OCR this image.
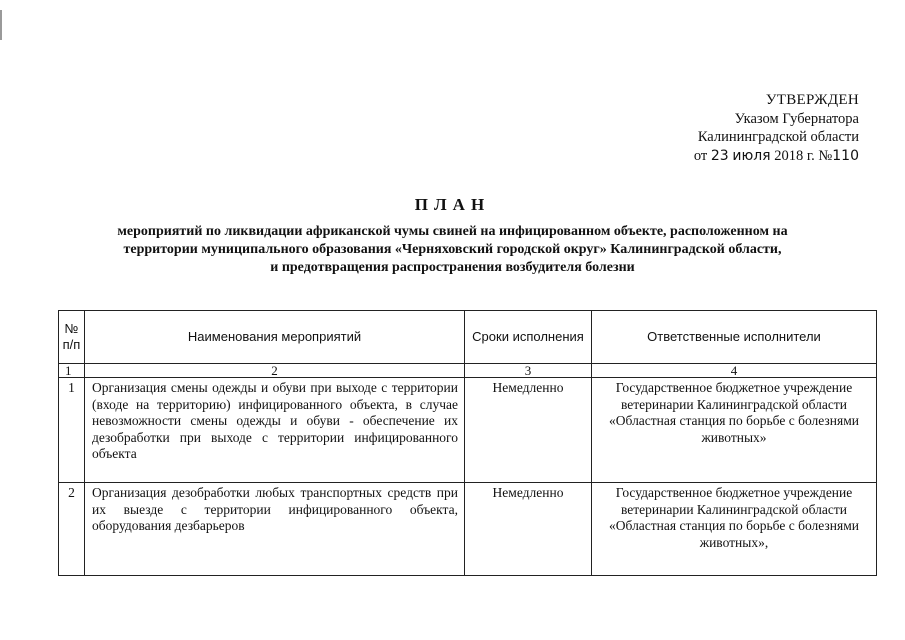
УТВЕРЖДЕН
Указом Губернатора
Калининградской области
от 23 июля 2018 г. №110
ПЛАН
мероприятий по ликвидации африканской чумы свиней на инфицированном объекте, расположенном на
территории муниципального образования «Черняховский городской округ» Калининградской области,
и предотвращения распространения возбудителя болезни
№ п/п	Наименования мероприятий	Сроки исполнения	Ответственные исполнители
1	2	3	4
1	Организация смены одежды и обуви при выходе с территории (входе на территорию) инфицированного объекта, в случае невозможности смены одежды и обуви - обеспечение их дезобработки при выходе с территории инфицированного объекта	Немедленно	Государственное бюджетное учреждение ветеринарии Калининградской области «Областная станция по борьбе с болезнями животных»
2	Организация дезобработки любых транспортных средств при их выезде с территории инфицированного объекта, оборудования дезбарьеров	Немедленно	Государственное бюджетное учреждение ветеринарии Калининградской области «Областная станция по борьбе с болезнями животных»,
